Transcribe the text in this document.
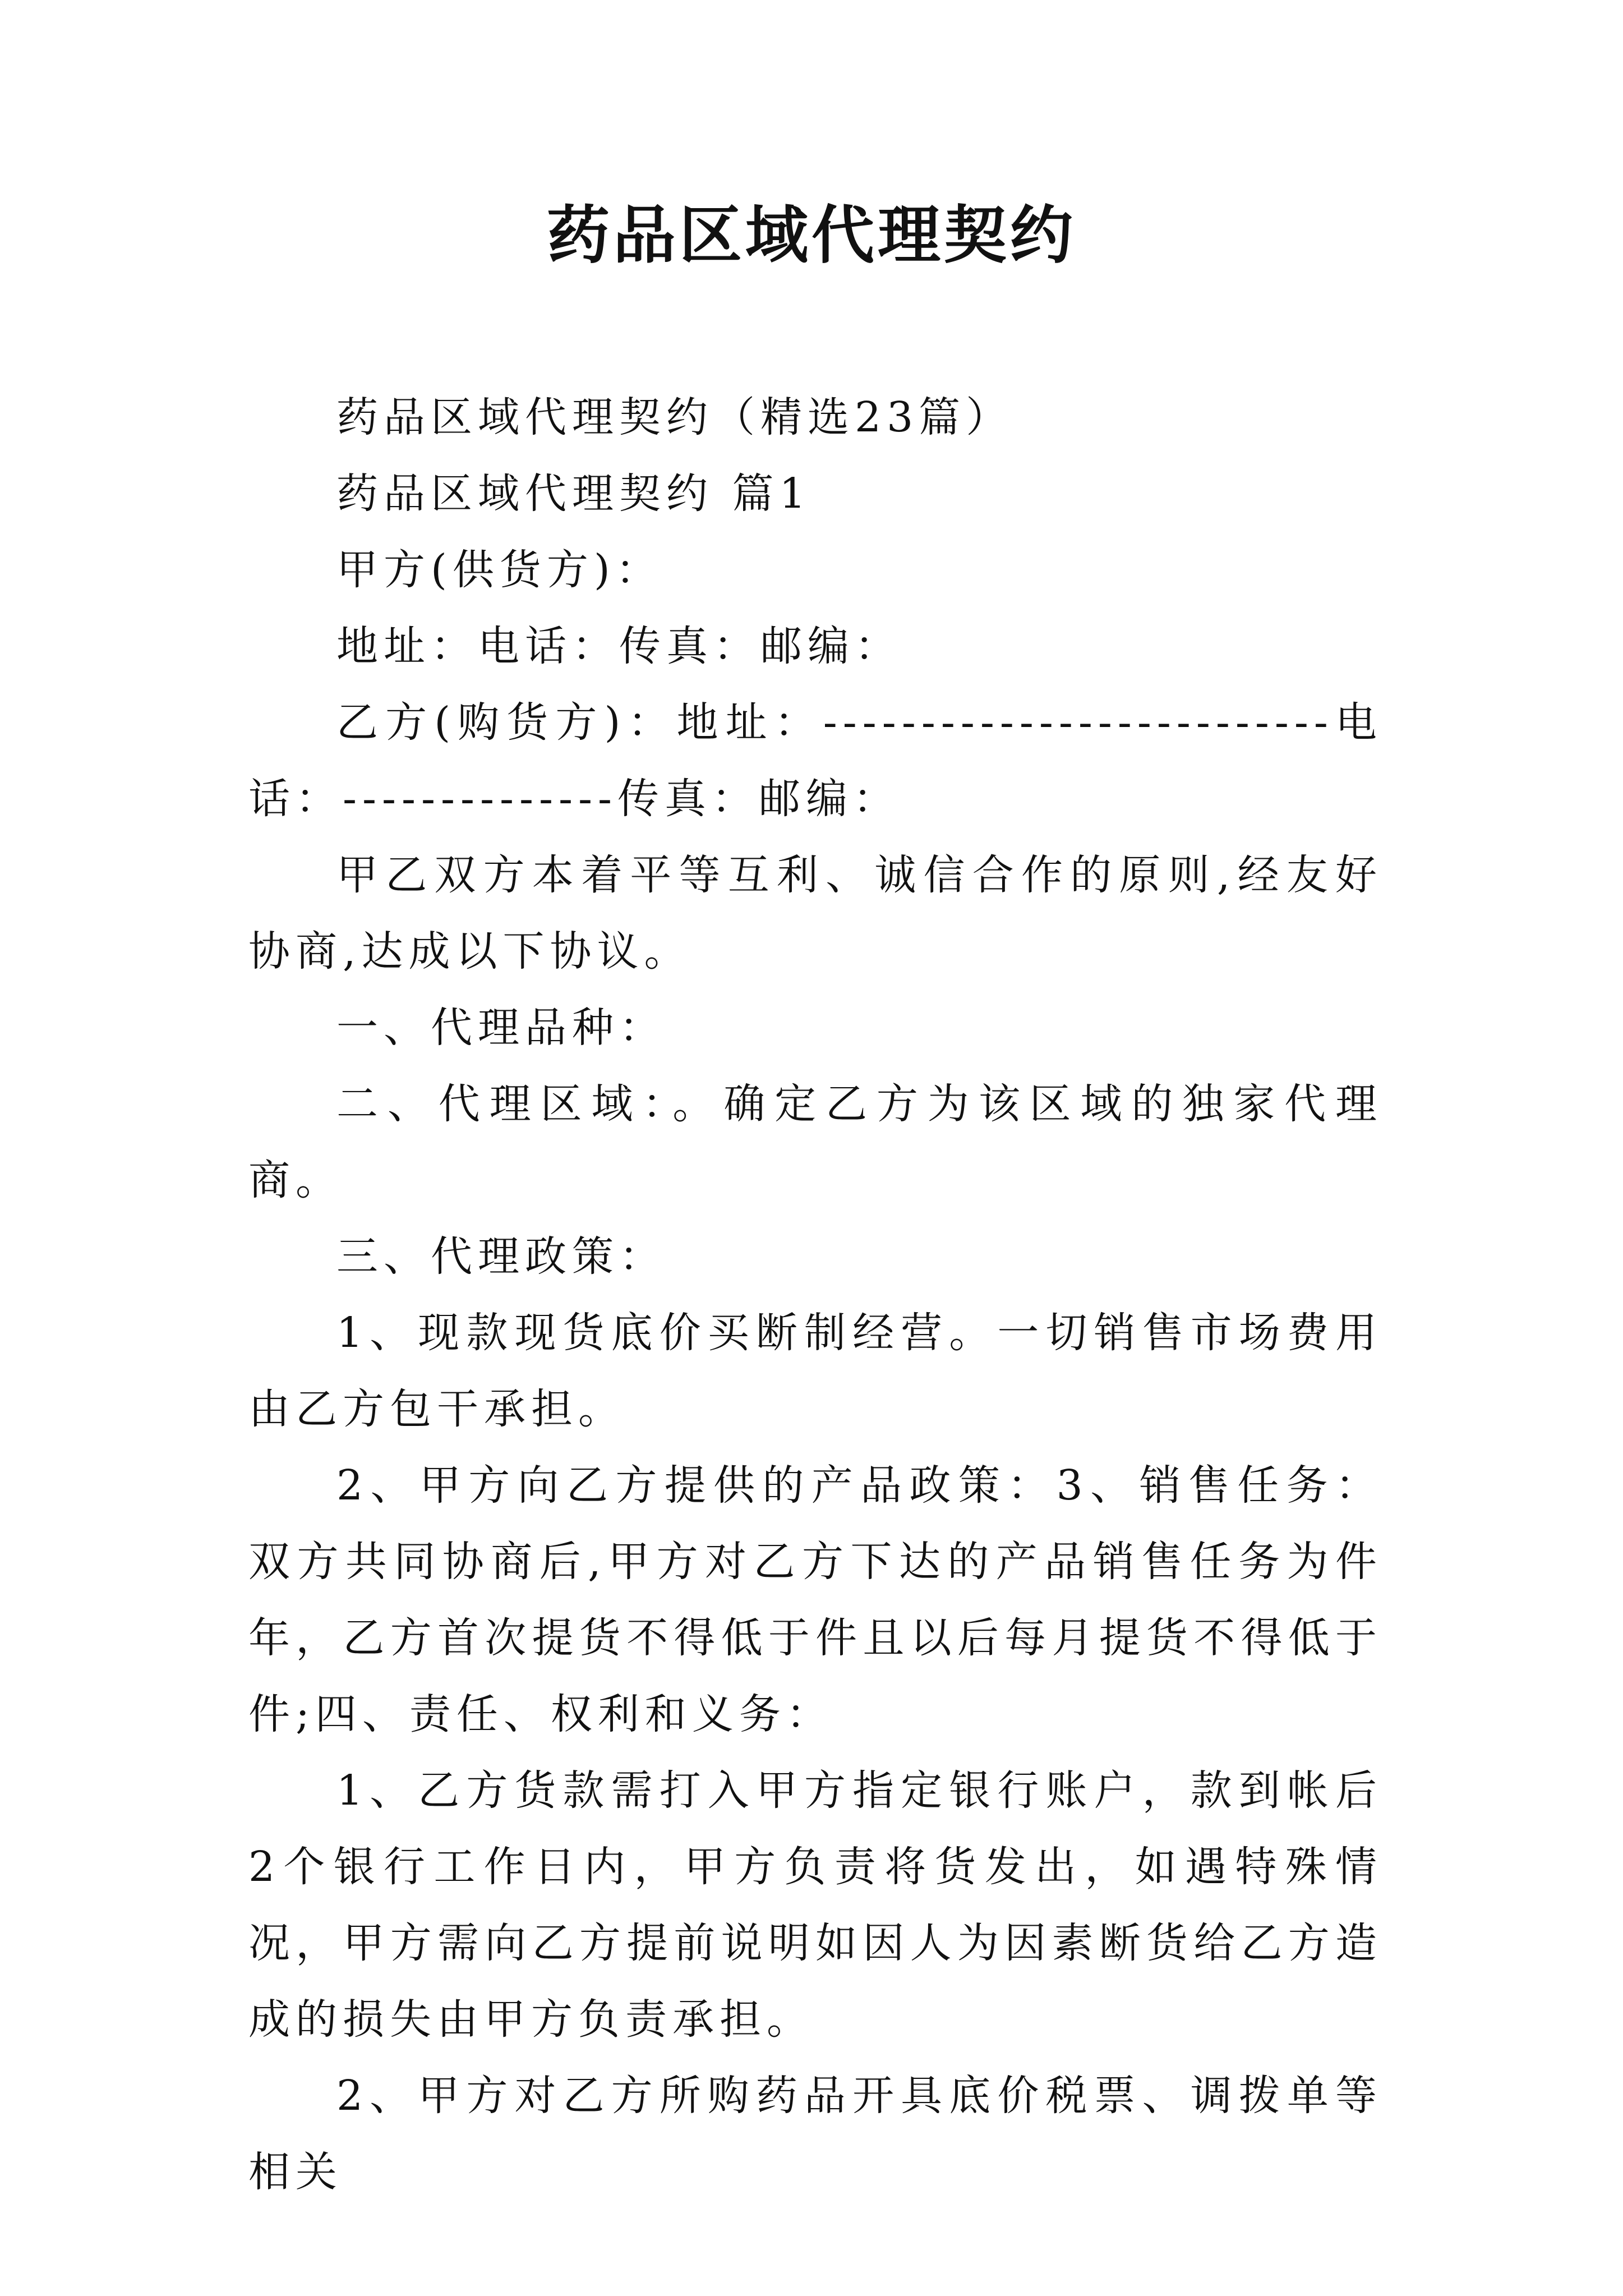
药品区域代理契约

药品区域代理契约（精选23篇）

药品区域代理契约 篇1

甲方(供货方)：

地址：电话：传真：邮编：

乙方(购货方)：地址：--------------------------电话：--------------传真：邮编：

甲乙双方本着平等互利、诚信合作的原则,经友好协商,达成以下协议。

一、代理品种：

二、代理区域：。确定乙方为该区域的独家代理商。

三、代理政策：

1、现款现货底价买断制经营。一切销售市场费用由乙方包干承担。

2、甲方向乙方提供的产品政策：3、销售任务：双方共同协商后,甲方对乙方下达的产品销售任务为件年，乙方首次提货不得低于件且以后每月提货不得低于件;四、责任、权利和义务：

1、乙方货款需打入甲方指定银行账户，款到帐后2个银行工作日内，甲方负责将货发出，如遇特殊情况，甲方需向乙方提前说明如因人为因素断货给乙方造成的损失由甲方负责承担。

2、甲方对乙方所购药品开具底价税票、调拨单等相关
